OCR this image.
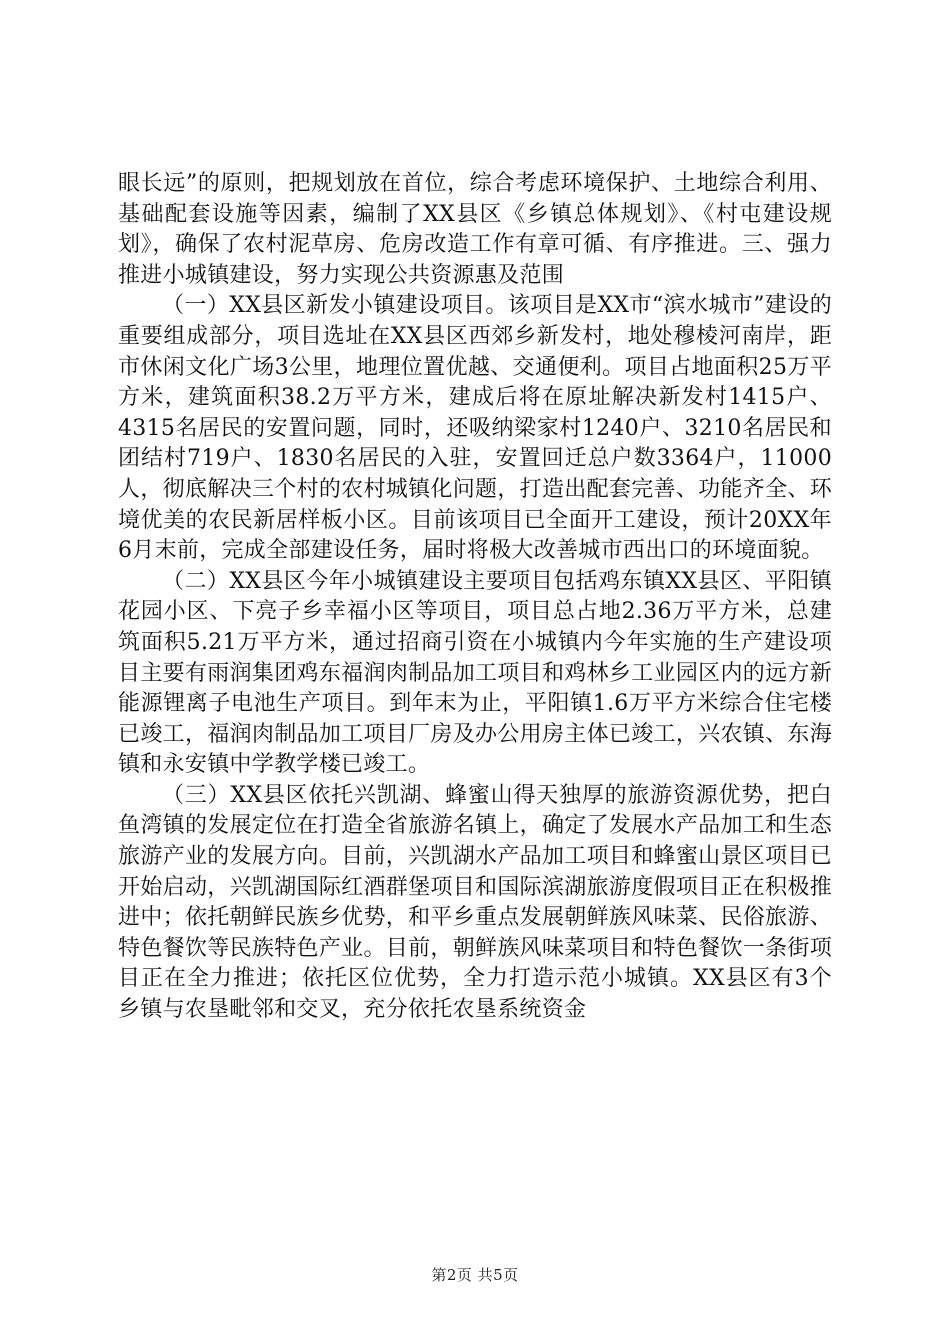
眼长远”的原则，把规划放在首位，综合考虑环境保护、土地综合利用、基础配套设施等因素，编制了XX县区《乡镇总体规划》、《村屯建设规划》，确保了农村泥草房、危房改造工作有章可循、有序推进。三、强力推进小城镇建设，努力实现公共资源惠及范围

（一）XX县区新发小镇建设项目。该项目是XX市“滨水城市”建设的重要组成部分，项目选址在XX县区西郊乡新发村，地处穆棱河南岸，距市休闲文化广场3公里，地理位置优越、交通便利。项目占地面积25万平方米，建筑面积38.2万平方米，建成后将在原址解决新发村1415户、4315名居民的安置问题，同时，还吸纳梁家村1240户、3210名居民和团结村719户、1830名居民的入驻，安置回迁总户数3364户，11000人，彻底解决三个村的农村城镇化问题，打造出配套完善、功能齐全、环境优美的农民新居样板小区。目前该项目已全面开工建设，预计20XX年6月末前，完成全部建设任务，届时将极大改善城市西出口的环境面貌。

（二）XX县区今年小城镇建设主要项目包括鸡东镇XX县区、平阳镇花园小区、下亮子乡幸福小区等项目，项目总占地2.36万平方米，总建筑面积5.21万平方米，通过招商引资在小城镇内今年实施的生产建设项目主要有雨润集团鸡东福润肉制品加工项目和鸡林乡工业园区内的远方新能源锂离子电池生产项目。到年末为止，平阳镇1.6万平方米综合住宅楼已竣工，福润肉制品加工项目厂房及办公用房主体已竣工，兴农镇、东海镇和永安镇中学教学楼已竣工。

（三）XX县区依托兴凯湖、蜂蜜山得天独厚的旅游资源优势，把白鱼湾镇的发展定位在打造全省旅游名镇上，确定了发展水产品加工和生态旅游产业的发展方向。目前，兴凯湖水产品加工项目和蜂蜜山景区项目已开始启动，兴凯湖国际红酒群堡项目和国际滨湖旅游度假项目正在积极推进中；依托朝鲜民族乡优势，和平乡重点发展朝鲜族风味菜、民俗旅游、特色餐饮等民族特色产业。目前，朝鲜族风味菜项目和特色餐饮一条街项目正在全力推进；依托区位优势，全力打造示范小城镇。XX县区有3个乡镇与农垦毗邻和交叉，充分依托农垦系统资金

第2页 共5页
